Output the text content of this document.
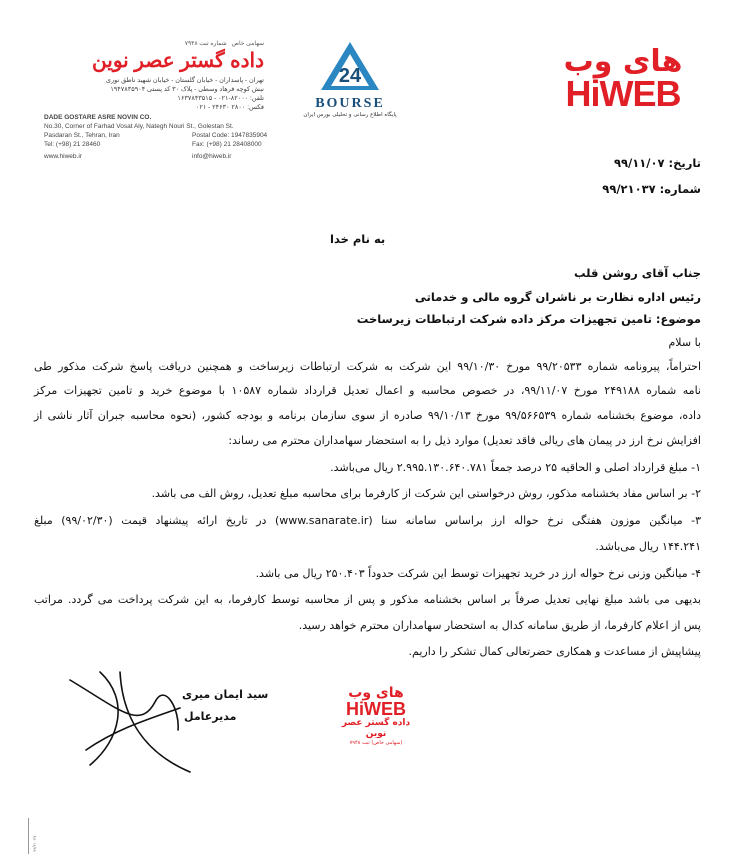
سهامی خاص   شماره ثبت ۷۹۴۸
داده گستر عصر نوین
تهران - پاسداران - خیابان گلستان - خیابان شهید ناطق نوری
نبش کوچه فرهاد وسطی - پلاک ۳۰ کد پستی ۱۹۴۷۸۳۵۹۰۴
تلفن: ۸۲۰۰۰-۰۲۱ - ۱۶۳۷۸۴۳۵۱۵
فکس: ۲۸۰۰ ۲۴۶۳۰ - ۰۲۱
DADE GOSTARE ASRE NOVIN CO.
No.30, Corner of Farhad Vosat Aly, Nategh Nouri St., Golestan St.
Pasdaran St., Tehran, Iran	Postal Code: 1947835904
Tel: (+98) 21 28460	Fax: (+98) 21 28408000
www.hiweb.ir	info@hiweb.ir
24
BOURSE
پایگاه اطلاع رسانی و تحلیلی بورس ایران
های وب
HiWEB
تاریخ: ۹۹/۱۱/۰۷
شماره: ۹۹/۲۱۰۳۷
به نام خدا
جناب آقای روشن قلب
رئیس اداره نظارت بر ناشران گروه مالی و خدماتی
موضوع: تامین تجهیزات مرکز داده شرکت ارتباطات زیرساخت
با سلام
احتراماً، پیرونامه شماره ۹۹/۲۰۵۳۳ مورخ ۹۹/۱۰/۳۰ این شرکت به شرکت ارتباطات زیرساخت و همچنین دریافت پاسخ شرکت مذکور طی
نامه شماره ۲۴۹۱۸۸ مورخ ۹۹/۱۱/۰۷، در خصوص محاسبه و اعمال تعدیل قرارداد شماره ۱۰۵۸۷ با موضوع خرید و تامین تجهیزات مرکز
داده، موضوع بخشنامه شماره ۹۹/۵۶۶۵۳۹ مورخ ۹۹/۱۰/۱۳ صادره از سوی سازمان برنامه و بودجه کشور، (نحوه محاسبه جبران آثار ناشی از
افزایش نرخ ارز در پیمان های ریالی فاقد تعدیل) موارد ذیل را به استحضار سهامداران محترم می رساند:
۱- مبلغ قرارداد اصلی و الحاقیه ۲۵ درصد جمعاً ۲.۹۹۵.۱۳۰.۶۴۰.۷۸۱ ریال می‌باشد.
۲- بر اساس مفاد بخشنامه مذکور، روش درخواستی این شرکت از کارفرما برای محاسبه مبلغ تعدیل، روش الف می باشد.
۳- میانگین موزون هفتگی نرخ حواله ارز براساس سامانه سنا (www.sanarate.ir) در تاریخ ارائه پیشنهاد قیمت (۹۹/۰۲/۳۰) مبلغ
۱۴۴.۲۴۱ ریال می‌باشد.
۴- میانگین وزنی نرخ حواله ارز در خرید تجهیزات توسط این شرکت حدوداً ۲۵۰.۴۰۳ ریال می باشد.
بدیهی می باشد مبلغ نهایی تعدیل صرفاً بر اساس بخشنامه مذکور و پس از محاسبه توسط کارفرما، به این شرکت پرداخت می گردد. مراتب
پس از اعلام کارفرما، از طریق سامانه کدال به استحضار سهامداران محترم خواهد رسید.
پیشاپیش از مساعدت و همکاری حضرتعالی کمال تشکر را داریم.
سید ایمان میری
مدیرعامل
های وب
HiWEB
داده گستر عصر نوین
(سهامی خاص) ثبت ۷۹۴۸
۹۹/۲۱۰۳۷
